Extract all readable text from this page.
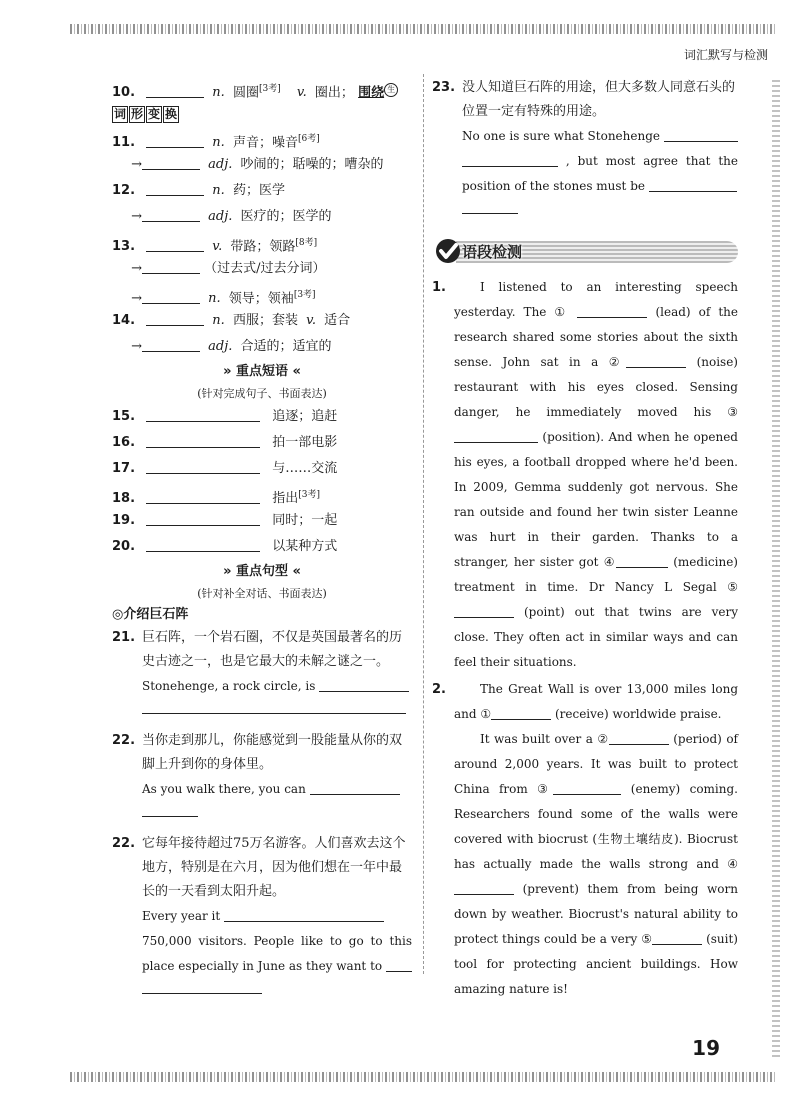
词汇默写与检测
10.	n. 圆圈[3考] v. 圈出； 围绕 生
词 形 变 换
11.	n. 声音；噪音[6考]
→	adj. 吵闹的；聒噪的；嘈杂的
12.	n. 药；医学
→	adj. 医疗的；医学的
13.	v. 带路；领路[8考]
→	（过去式/过去分词）
→	n. 领导；领袖[3考]
14.	n. 西服；套装 v. 适合
→	adj. 合适的；适宜的
» 重点短语 «
(针对完成句子、书面表达)
15.	追逐；追赶
16.	拍一部电影
17.	与……交流
18.	指出[3考]
19.	同时；一起
20.	以某种方式
» 重点句型 «
(针对补全对话、书面表达)
◎介绍巨石阵
21. 巨石阵，一个岩石圈，不仅是英国最著名的历史古迹之一，也是它最大的未解之谜之一。
Stonehenge, a rock circle, is
22. 当你走到那儿，你能感觉到一股能量从你的双脚上升到你的身体里。
As you walk there, you can
22. 它每年接待超过75万名游客。人们喜欢去这个地方，特别是在六月，因为他们想在一年中最长的一天看到太阳升起。
Every year it
750,000 visitors. People like to go to this place especially in June as they want to
23. 没人知道巨石阵的用途，但大多数人同意石头的位置一定有特殊的用途。
No one is sure what Stonehenge
, but most agree that the position of the stones must be
语段检测
1.	I listened to an interesting speech yesterday. The ①	(lead) of the research shared some stories about the sixth sense. John sat in a ②	(noise) restaurant with his eyes closed. Sensing danger, he immediately moved his ③  (position). And when he opened his eyes, a football dropped where he'd been. In 2009, Gemma suddenly got nervous. She ran outside and found her twin sister Leanne was hurt in their garden. Thanks to a stranger, her sister got ④	(medicine) treatment in time. Dr Nancy L Segal ⑤ (point) out that twins are very close. They often act in similar ways and can feel their situations.
2.	The Great Wall is over 13,000 miles long and ①	(receive) worldwide praise.
It was built over a ②	(period) of around 2,000 years. It was built to protect China from ③	(enemy) coming. Researchers found some of the walls were covered with biocrust (生物土壤结皮). Biocrust has actually made the walls strong and ④ (prevent) them from being worn down by weather. Biocrust's natural ability to protect things could be a very ⑤	(suit) tool for protecting ancient buildings. How amazing nature is!
19
